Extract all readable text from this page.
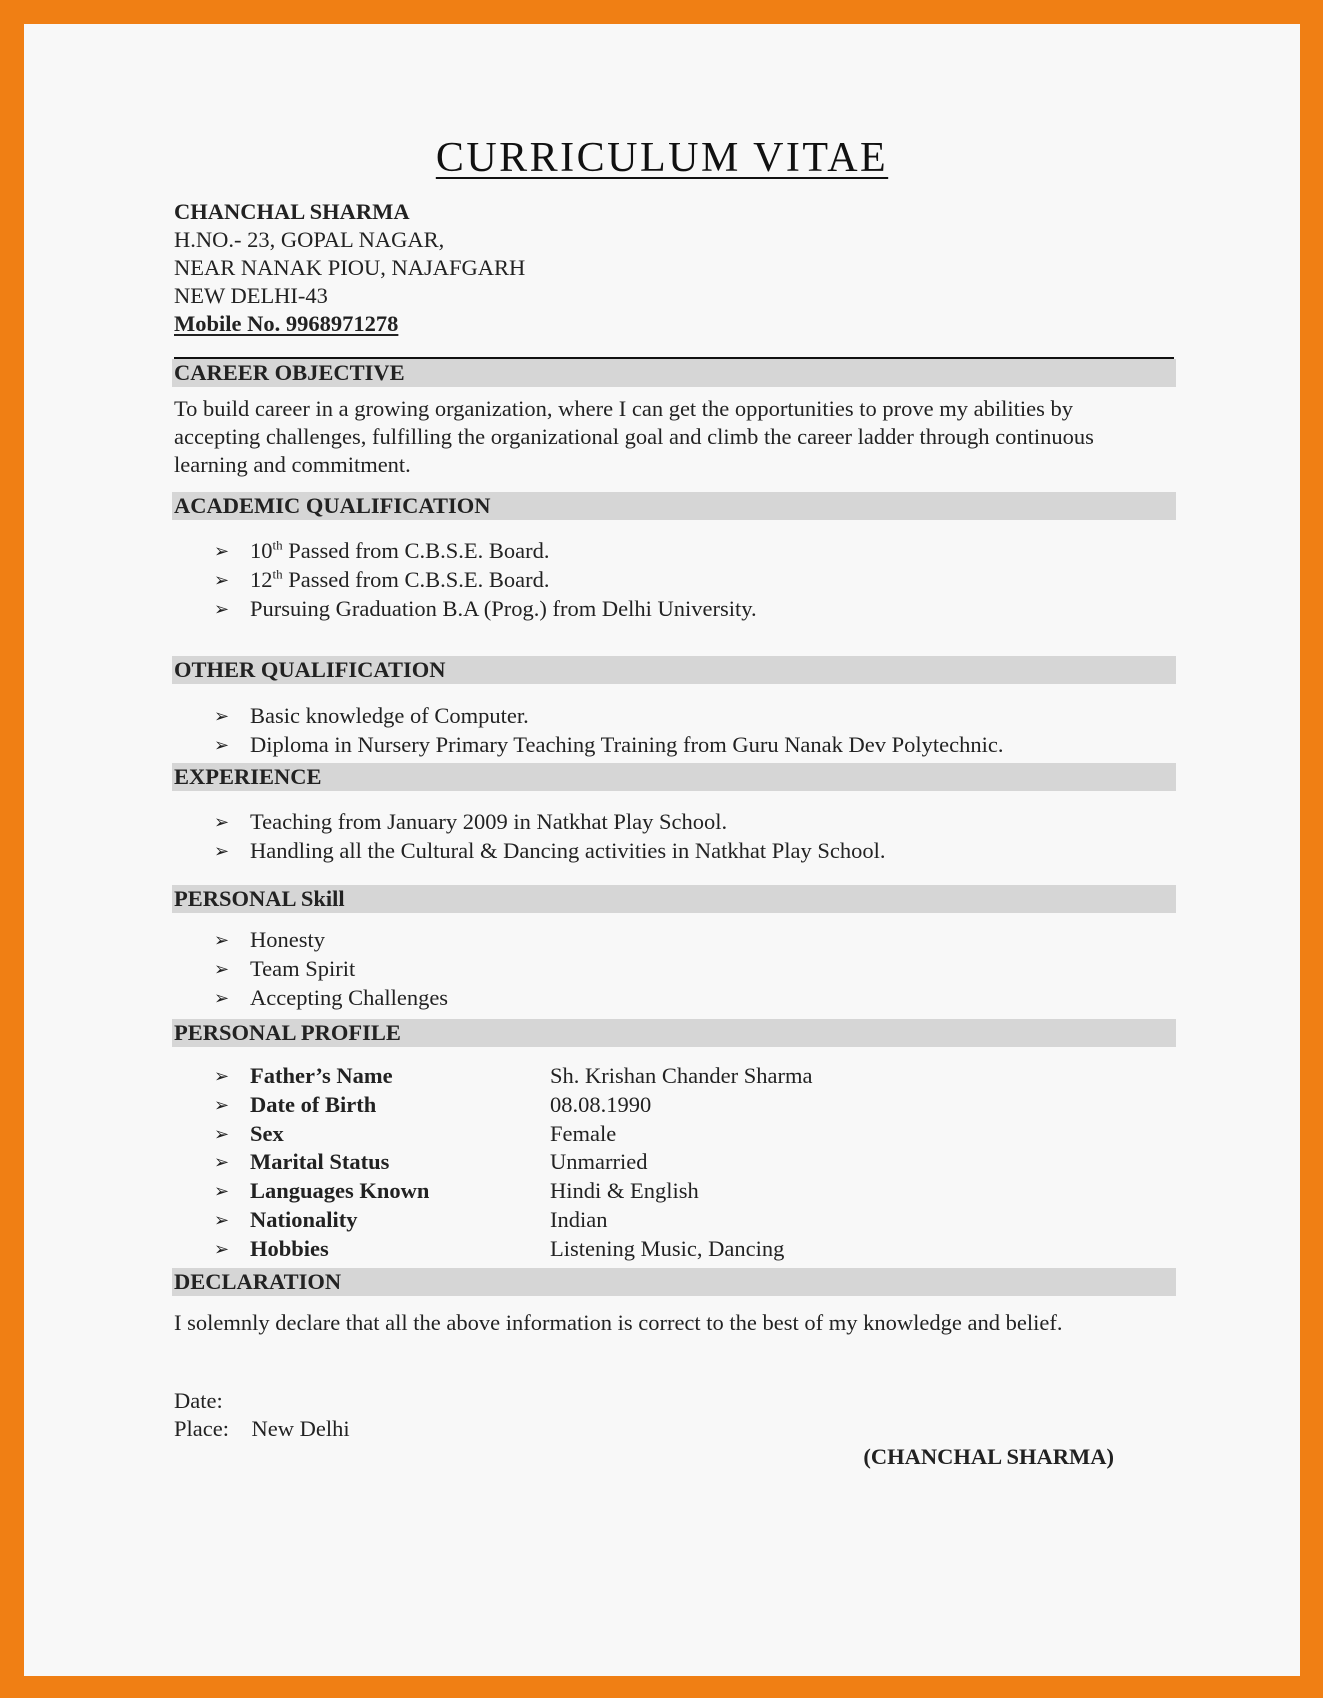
CURRICULUM VITAE
CHANCHAL SHARMA
H.NO.- 23, GOPAL NAGAR,
NEAR NANAK PIOU, NAJAFGARH
NEW DELHI-43
Mobile No. 9968971278
CAREER OBJECTIVE
To build career in a growing organization, where I can get the opportunities to prove my abilities by accepting challenges, fulfilling the organizational goal and climb the career ladder through continuous learning and commitment.
ACADEMIC QUALIFICATION
➢ 10th Passed from C.B.S.E. Board.
➢ 12th Passed from C.B.S.E. Board.
➢ Pursuing Graduation B.A (Prog.) from Delhi University.
OTHER QUALIFICATION
➢ Basic knowledge of Computer.
➢ Diploma in Nursery Primary Teaching Training from Guru Nanak Dev Polytechnic.
EXPERIENCE
➢ Teaching from January 2009 in Natkhat Play School.
➢ Handling all the Cultural & Dancing activities in Natkhat Play School.
PERSONAL Skill
➢ Honesty
➢ Team Spirit
➢ Accepting Challenges
PERSONAL PROFILE
➢ Father’s Name	Sh. Krishan Chander Sharma
➢ Date of Birth	08.08.1990
➢ Sex	Female
➢ Marital Status	Unmarried
➢ Languages Known	Hindi & English
➢ Nationality	Indian
➢ Hobbies	Listening Music, Dancing
DECLARATION
I solemnly declare that all the above information is correct to the best of my knowledge and belief.
Date:
Place: New Delhi
(CHANCHAL SHARMA)
